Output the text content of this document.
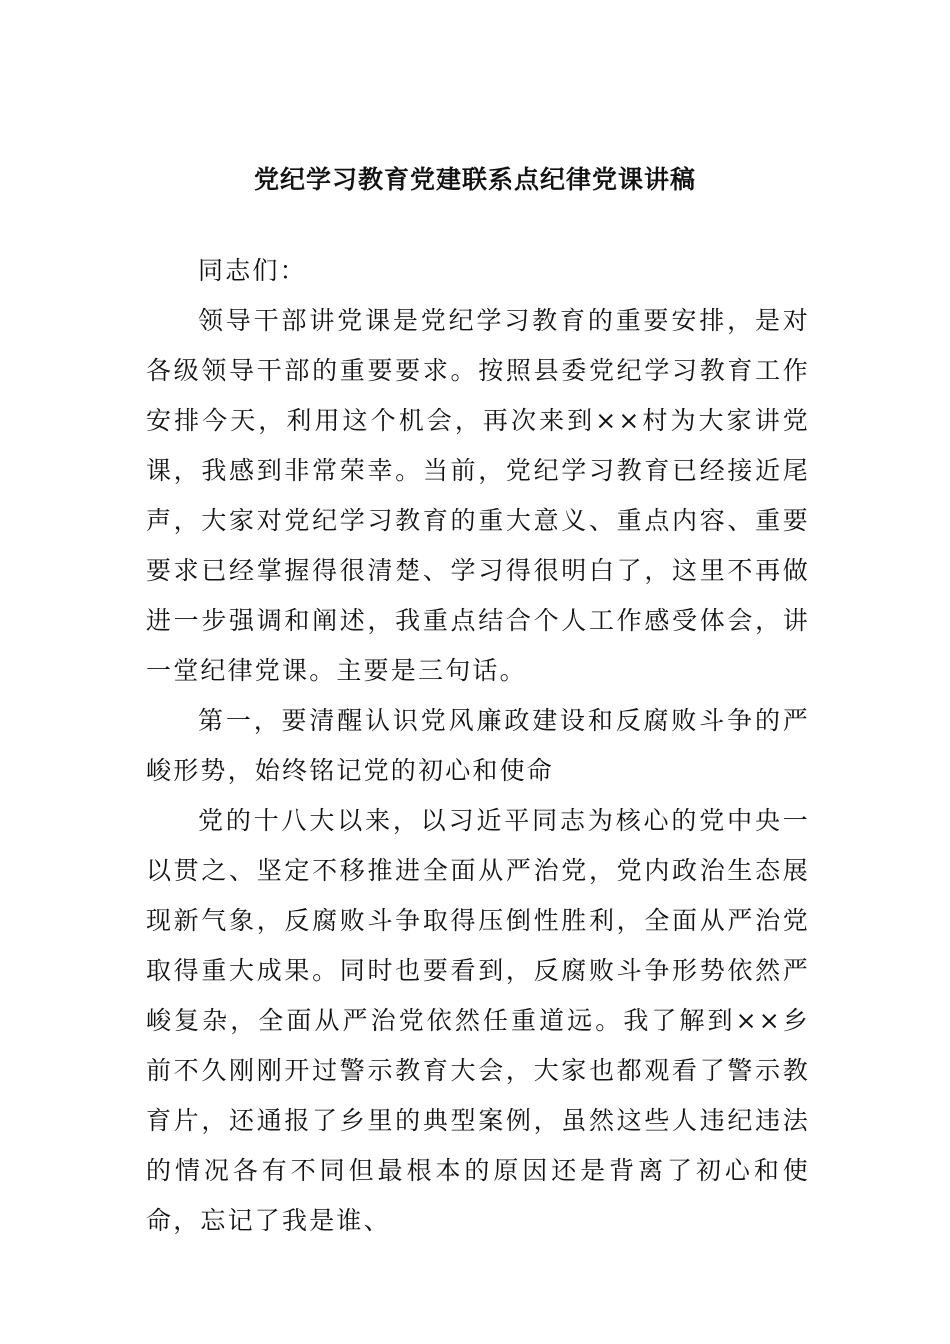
党纪学习教育党建联系点纪律党课讲稿

同志们：

领导干部讲党课是党纪学习教育的重要安排，是对各级领导干部的重要要求。按照县委党纪学习教育工作安排今天，利用这个机会，再次来到××村为大家讲党课，我感到非常荣幸。当前，党纪学习教育已经接近尾声，大家对党纪学习教育的重大意义、重点内容、重要要求已经掌握得很清楚、学习得很明白了，这里不再做进一步强调和阐述，我重点结合个人工作感受体会，讲一堂纪律党课。主要是三句话。

第一，要清醒认识党风廉政建设和反腐败斗争的严峻形势，始终铭记党的初心和使命

党的十八大以来，以习近平同志为核心的党中央一以贯之、坚定不移推进全面从严治党，党内政治生态展现新气象，反腐败斗争取得压倒性胜利，全面从严治党取得重大成果。同时也要看到，反腐败斗争形势依然严峻复杂，全面从严治党依然任重道远。我了解到××乡前不久刚刚开过警示教育大会，大家也都观看了警示教育片，还通报了乡里的典型案例，虽然这些人违纪违法的情况各有不同但最根本的原因还是背离了初心和使命，忘记了我是谁、
